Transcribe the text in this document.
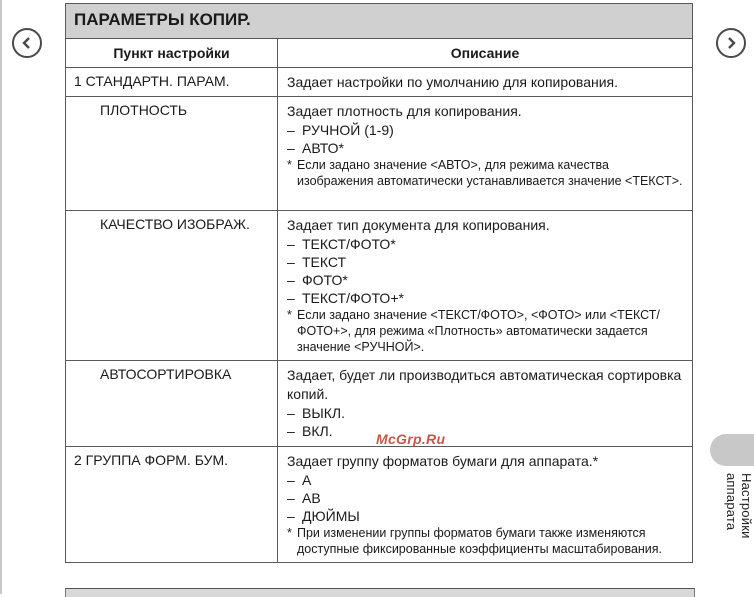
ПАРАМЕТРЫ КОПИР.	
Пункт настройки	Описание
1 СТАНДАРТН. ПАРАМ.	Задает настройки по умолчанию для копирования.

ПЛОТНОСТЬ	Задает плотность для копирования.
– РУЧНОЙ (1-9)
– АВТО*
* Если задано значение <АВТО>, для режима качества изображения автоматически устанавливается значение <ТЕКСТ>.

КАЧЕСТВО ИЗОБРАЖ.	Задает тип документа для копирования.
– ТЕКСТ/ФОТО*
– ТЕКСТ
– ФОТО*
– ТЕКСТ/ФОТО+*
* Если задано значение <ТЕКСТ/ФОТО>, <ФОТО> или <ТЕКСТ/ФОТО+>, для режима «Плотность» автоматически задается значение <РУЧНОЙ>.

АВТОСОРТИРОВКА	Задает, будет ли производиться автоматическая сортировка копий.
– ВЫКЛ.
– ВКЛ.

2 ГРУППА ФОРМ. БУМ.	Задает группу форматов бумаги для аппарата.*
– А
– АВ
– ДЮЙМЫ
* При изменении группы форматов бумаги также изменяются доступные фиксированные коэффициенты масштабирования.
McGrp.Ru
Настройки аппарата
